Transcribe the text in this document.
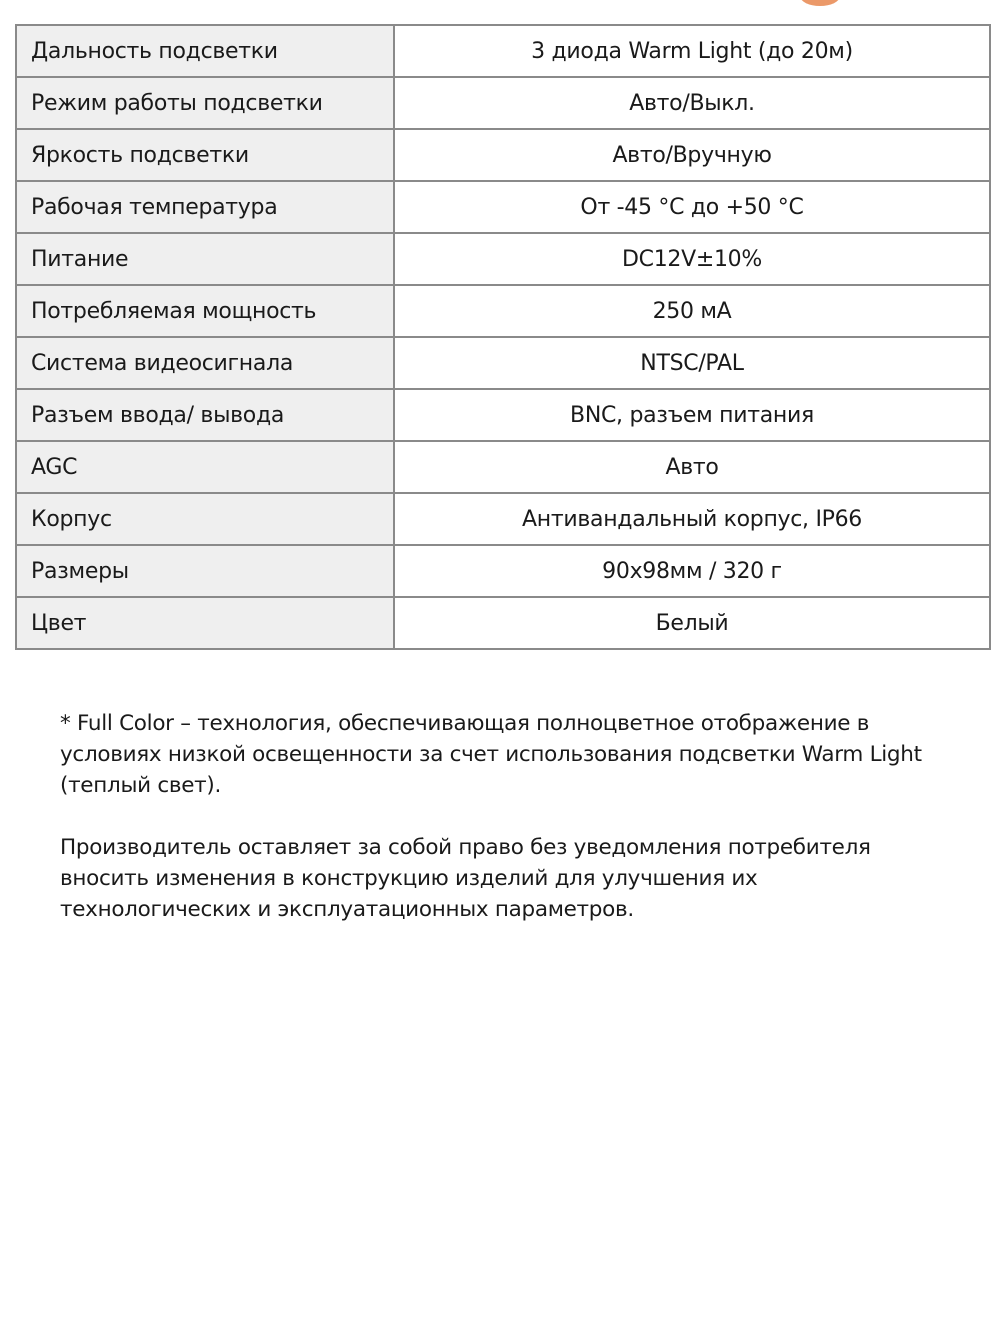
Дальность подсветки	3 диода Warm Light (до 20м)
Режим работы подсветки	Авто/Выкл.
Яркость подсветки	Авто/Вручную
Рабочая температура	От -45 °C до +50 °C
Питание	DC12V±10%
Потребляемая мощность	250 мА
Система видеосигнала	NTSC/PAL
Разъем ввода/ вывода	BNC, разъем питания
AGC	Авто
Корпус	Антивандальный корпус, IP66
Размеры	90x98мм / 320 г
Цвет	Белый

* Full Color – технология, обеспечивающая полноцветное отображение в условиях низкой освещенности за счет использования подсветки Warm Light (теплый свет).

Производитель оставляет за собой право без уведомления потребителя вносить изменения в конструкцию изделий для улучшения их технологических и эксплуатационных параметров.
